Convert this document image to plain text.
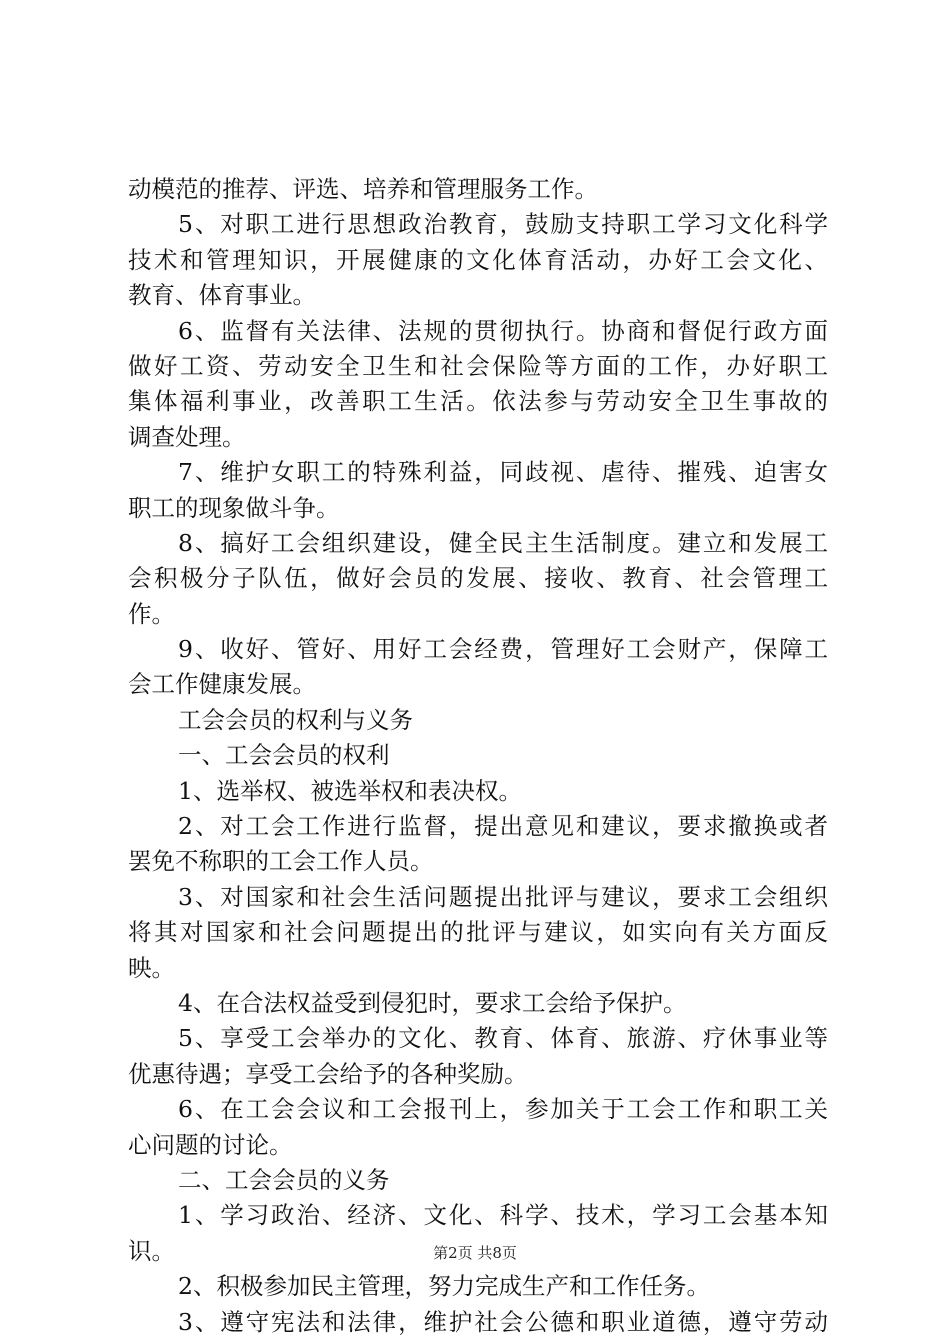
动模范的推荐、评选、培养和管理服务工作。
5、对职工进行思想政治教育，鼓励支持职工学习文化科学
技术和管理知识，开展健康的文化体育活动，办好工会文化、
教育、体育事业。
6、监督有关法律、法规的贯彻执行。协商和督促行政方面
做好工资、劳动安全卫生和社会保险等方面的工作，办好职工
集体福利事业，改善职工生活。依法参与劳动安全卫生事故的
调查处理。
7、维护女职工的特殊利益，同歧视、虐待、摧残、迫害女
职工的现象做斗争。
8、搞好工会组织建设，健全民主生活制度。建立和发展工
会积极分子队伍，做好会员的发展、接收、教育、社会管理工
作。
9、收好、管好、用好工会经费，管理好工会财产，保障工
会工作健康发展。
工会会员的权利与义务
一、工会会员的权利
1、选举权、被选举权和表决权。
2、对工会工作进行监督，提出意见和建议，要求撤换或者
罢免不称职的工会工作人员。
3、对国家和社会生活问题提出批评与建议，要求工会组织
将其对国家和社会问题提出的批评与建议，如实向有关方面反
映。
4、在合法权益受到侵犯时，要求工会给予保护。
5、享受工会举办的文化、教育、体育、旅游、疗休事业等
优惠待遇；享受工会给予的各种奖励。
6、在工会会议和工会报刊上，参加关于工会工作和职工关
心问题的讨论。
二、工会会员的义务
1、学习政治、经济、文化、科学、技术，学习工会基本知
识。
2、积极参加民主管理，努力完成生产和工作任务。
3、遵守宪法和法律，维护社会公德和职业道德，遵守劳动
第2页 共8页
